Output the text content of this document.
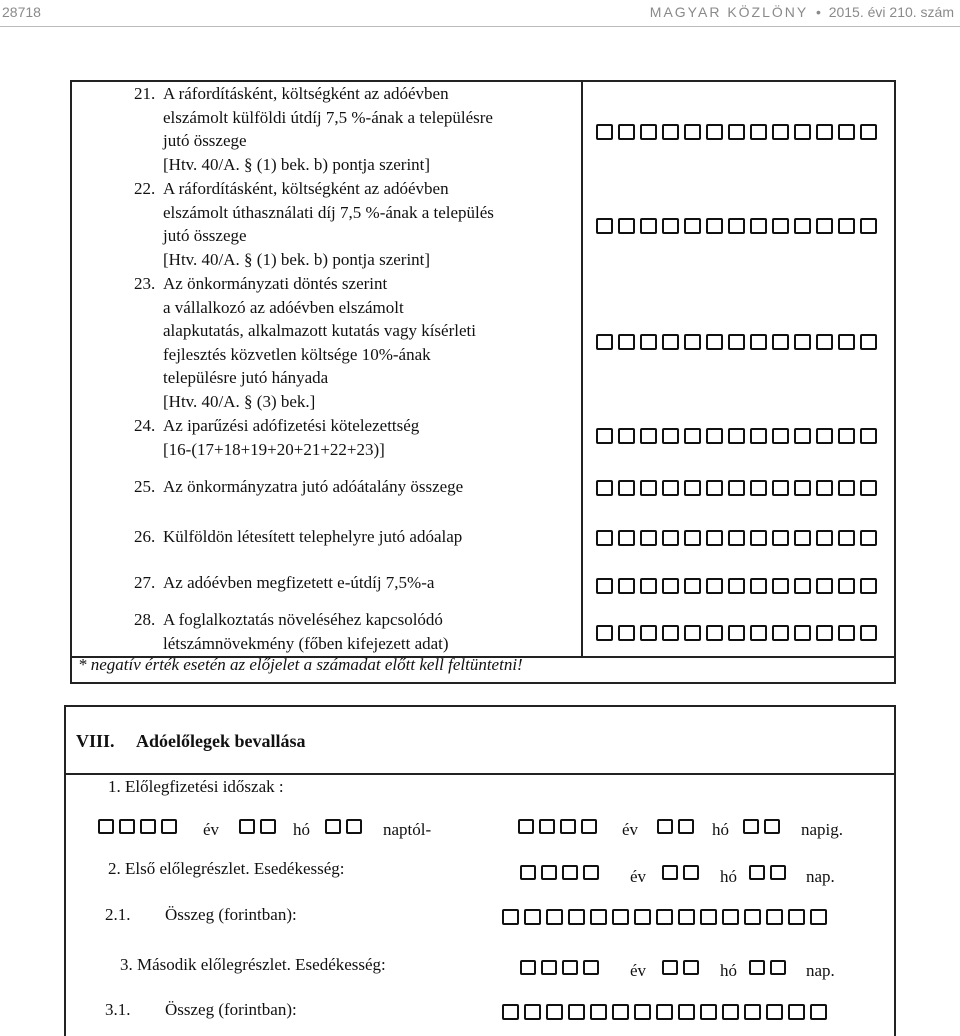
28718	MAGYAR KÖZLÖNY • 2015. évi 210. szám
21. A ráfordításként, költségként az adóévben
elszámolt külföldi útdíj 7,5 %-ának a településre
jutó összege
[Htv. 40/A. § (1) bek. b) pontja szerint]
22. A ráfordításként, költségként az adóévben
elszámolt úthasználati díj 7,5 %-ának a település
jutó összege
[Htv. 40/A. § (1) bek. b) pontja szerint]
23. Az önkormányzati döntés szerint
a vállalkozó az adóévben elszámolt
alapkutatás, alkalmazott kutatás vagy kísérleti
fejlesztés közvetlen költsége 10%-ának
településre jutó hányada
[Htv. 40/A. § (3) bek.]
24. Az iparűzési adófizetési kötelezettség
[16-(17+18+19+20+21+22+23)]
25. Az önkormányzatra jutó adóátalány összege
26. Külföldön létesített telephelyre jutó adóalap
27. Az adóévben megfizetett e-útdíj 7,5%-a
28. A foglalkoztatás növeléséhez kapcsolódó
létszámnövekmény (főben kifejezett adat)
* negatív érték esetén az előjelet a számadat előtt kell feltüntetni!
VIII. Adóelőlegek bevallása
1. Előlegfizetési időszak :
év	hó	naptól-	év	hó	napig.
2. Első előlegrészlet. Esedékesség:	év	hó	nap.
2.1. Összeg (forintban):
3. Második előlegrészlet. Esedékesség:	év	hó	nap.
3.1. Összeg (forintban):
